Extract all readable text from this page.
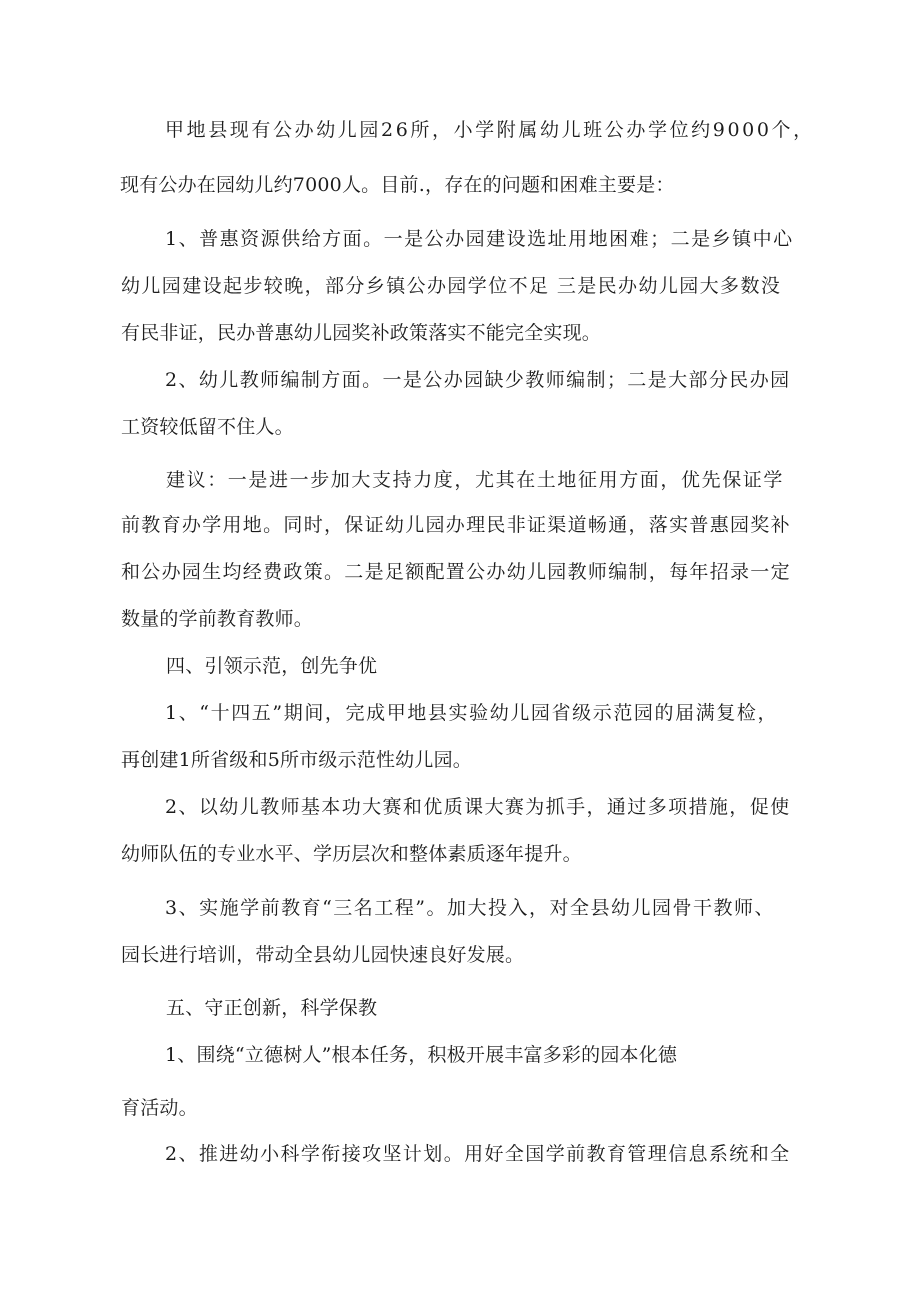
甲地县现有公办幼儿园26所，小学附属幼儿班公办学位约9000个，
现有公办在园幼儿约7000人。目前.，存在的问题和困难主要是：
1、普惠资源供给方面。一是公办园建设选址用地困难；二是乡镇中心
幼儿园建设起步较晚，部分乡镇公办园学位不足 三是民办幼儿园大多数没
有民非证，民办普惠幼儿园奖补政策落实不能完全实现。
2、幼儿教师编制方面。一是公办园缺少教师编制；二是大部分民办园
工资较低留不住人。
建议：一是进一步加大支持力度，尤其在土地征用方面，优先保证学
前教育办学用地。同时，保证幼儿园办理民非证渠道畅通，落实普惠园奖补
和公办园生均经费政策。二是足额配置公办幼儿园教师编制，每年招录一定
数量的学前教育教师。
四、引领示范，创先争优
1、“十四五”期间，完成甲地县实验幼儿园省级示范园的届满复检，
再创建1所省级和5所市级示范性幼儿园。
2、以幼儿教师基本功大赛和优质课大赛为抓手，通过多项措施，促使
幼师队伍的专业水平、学历层次和整体素质逐年提升。
3、实施学前教育“三名工程”。加大投入，对全县幼儿园骨干教师、
园长进行培训，带动全县幼儿园快速良好发展。
五、守正创新，科学保教
1、围绕“立德树人”根本任务，积极开展丰富多彩的园本化德
育活动。
2、推进幼小科学衔接攻坚计划。用好全国学前教育管理信息系统和全
